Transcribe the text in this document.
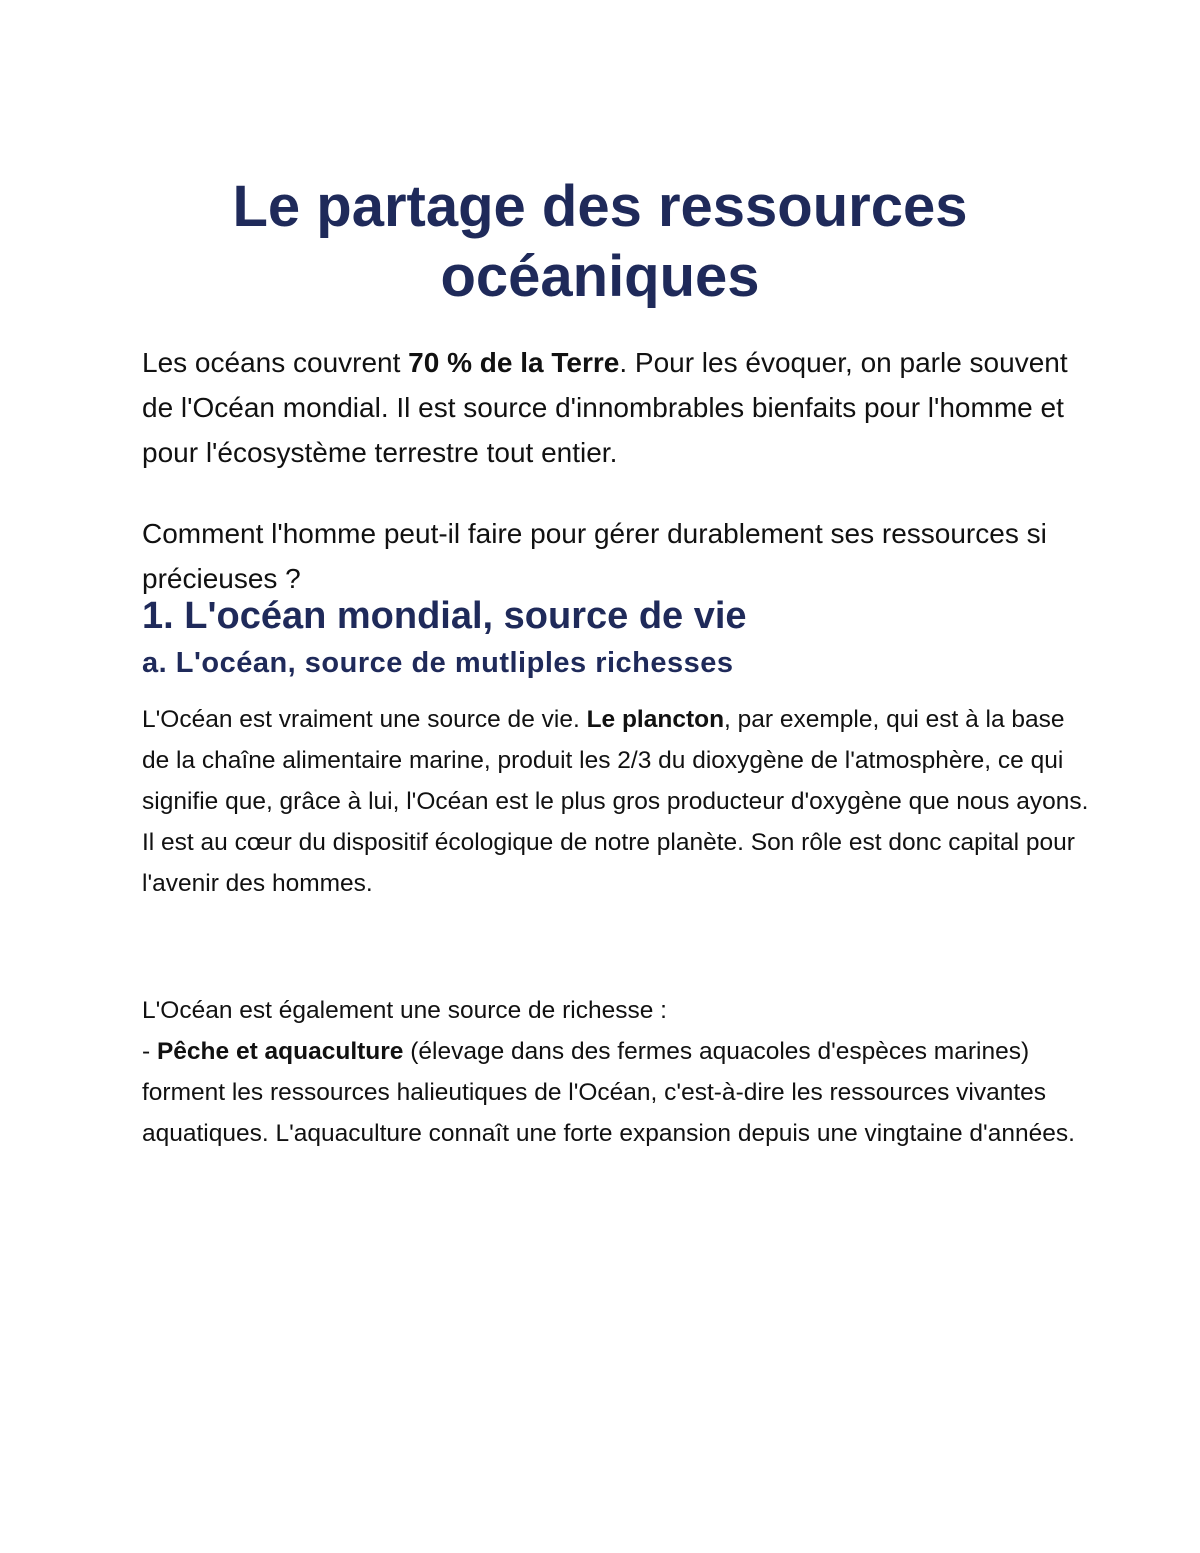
Le partage des ressources
océaniques

Les océans couvrent 70 % de la Terre. Pour les évoquer, on parle souvent de l'Océan mondial. Il est source d'innombrables bienfaits pour l'homme et pour l'écosystème terrestre tout entier.

Comment l'homme peut-il faire pour gérer durablement ses ressources si précieuses ?

1. L'océan mondial, source de vie
a. L'océan, source de mutliples richesses

L'Océan est vraiment une source de vie. Le plancton, par exemple, qui est à la base de la chaîne alimentaire marine, produit les 2/3 du dioxygène de l'atmosphère, ce qui signifie que, grâce à lui, l'Océan est le plus gros producteur d'oxygène que nous ayons. Il est au cœur du dispositif écologique de notre planète. Son rôle est donc capital pour l'avenir des hommes.

L'Océan est également une source de richesse :
- Pêche et aquaculture (élevage dans des fermes aquacoles d'espèces marines) forment les ressources halieutiques de l'Océan, c'est-à-dire les ressources vivantes aquatiques. L'aquaculture connaît une forte expansion depuis une vingtaine d'années.
